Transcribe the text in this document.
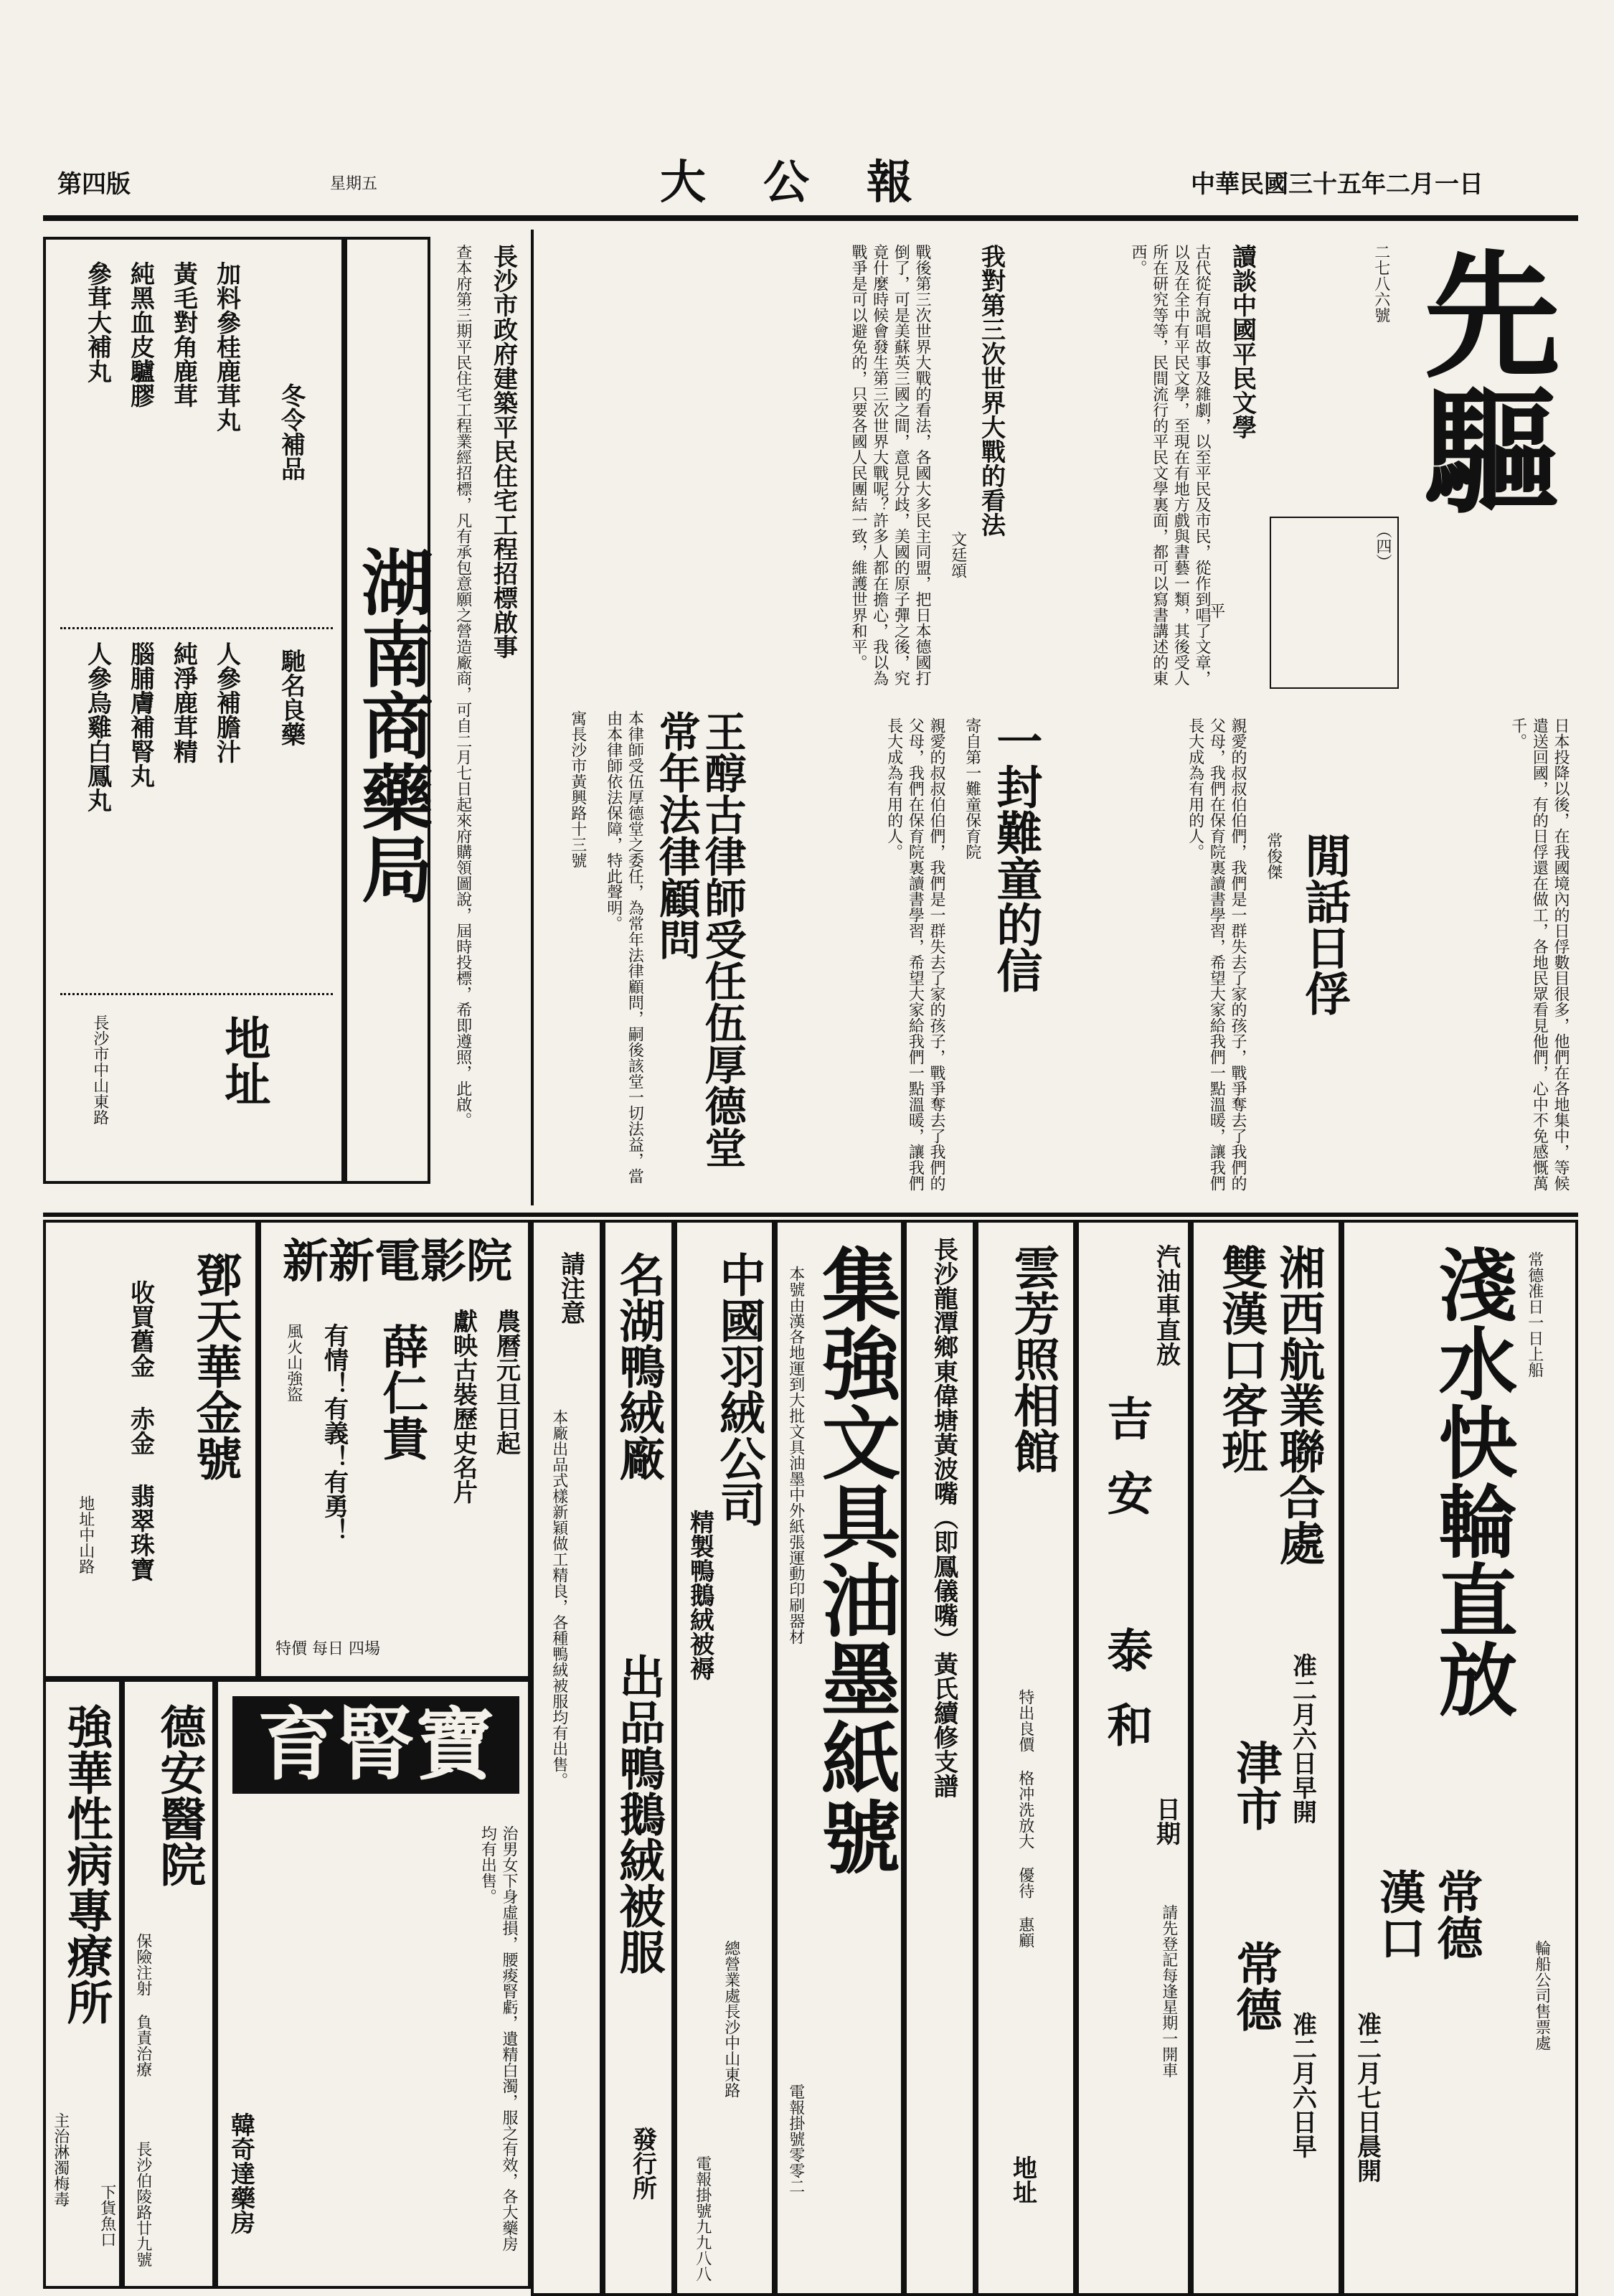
第四版	星期五	大公報	中華民國三十五年二月一日
先驅
二七八六號
（四）
讀談中國平民文學
平
古代從有說唱故事及雜劇，以至平民及市民，從作到唱了文章，以及在全中有平民文學，至現在有地方戲與書藝一類，其後受人所在研究等等，民間流行的平民文學裏面，都可以寫書講述的東西。
我對第三次世界大戰的看法
文廷頌
戰後第三次世界大戰的看法，各國大多民主同盟，把日本德國打倒了，可是美蘇英三國之間，意見分歧，美國的原子彈之後，究竟什麼時候會發生第三次世界大戰呢？許多人都在擔心，我以為戰爭是可以避免的，只要各國人民團結一致，維護世界和平。
冬令補品
加料參桂鹿茸丸
黃毛對角鹿茸
純黑血皮驢膠
參茸大補丸
馳名良藥
人參補膽汁
純淨鹿茸精
腦脯膚補腎丸
人參烏雞白鳳丸
地址
長沙市中山東路
湖南商藥局
長沙市政府建築平民住宅工程招標啟事
查本府第三期平民住宅工程業經招標，凡有承包意願之營造廠商，可自二月七日起來府購領圖說，屆時投標，希即遵照，此啟。	王醇古律師受任伍厚德堂常年法律顧問
本律師受伍厚德堂之委任，為常年法律顧問，嗣後該堂一切法益，當由本律師依法保障，特此聲明。
寓長沙市黃興路十三號	一封難童的信
寄自第一難童保育院
親愛的叔叔伯伯們，我們是一群失去了家的孩子，戰爭奪去了我們的父母，我們在保育院裏讀書學習，希望大家給我們一點溫暖，讓我們長大成為有用的人。
閒話日俘
常俊傑	日本投降以後，在我國境內的日俘數目很多，他們在各地集中，等候遣送回國，有的日俘還在做工，各地民眾看見他們，心中不免感慨萬千。
親愛的叔叔伯伯們，我們是一群失去了家的孩子，戰爭奪去了我們的父母，我們在保育院裏讀書學習，希望大家給我們一點溫暖，讓我們長大成為有用的人。
淺水快輪直放 常德准日一日上船
常德
漢口
准二月七日晨開
輪船公司售票處
湘西航業聯合處
雙漢口客班
准二月六日早開
津市
常德
准二月六日早
汽油車直放
吉安 泰和
日期
請先登記每逢星期一開車
雲芳照相館
特出良價 格冲洗放大 優待 惠顧
地址
長沙龍潭鄉東偉塘黃波嘴（即鳳儀嘴）黃氏續修支譜
集強文具油墨紙號
本號由漢各地運到大批文具油墨中外紙張運動印刷器材
電報掛號零零二
中國羽絨公司
精製鴨鵝絨被褥
總營業處長沙中山東路
電報掛號九九八八
名湖鴨絨廠
出品鴨鵝絨被服
發行所
請注意
本廠出品式樣新穎做工精良，各種鴨絨被服均有出售。
新新電影院
農曆元旦日起
獻映古裝歷史名片
薛仁貴
有情！有義！有勇！
風火山強盜
特價 每日 四場
鄧天華金號
收買舊金 赤金 翡翠珠寶
地址中山路
育腎寶
治男女下身虛損，腰痠腎虧，遺精白濁，服之有效，各大藥房均有出售。
韓奇達藥房
德安醫院
保險注射 負責治療
長沙伯陵路廿九號
強華性病專療所
主治淋濁梅毒
下貨魚口
